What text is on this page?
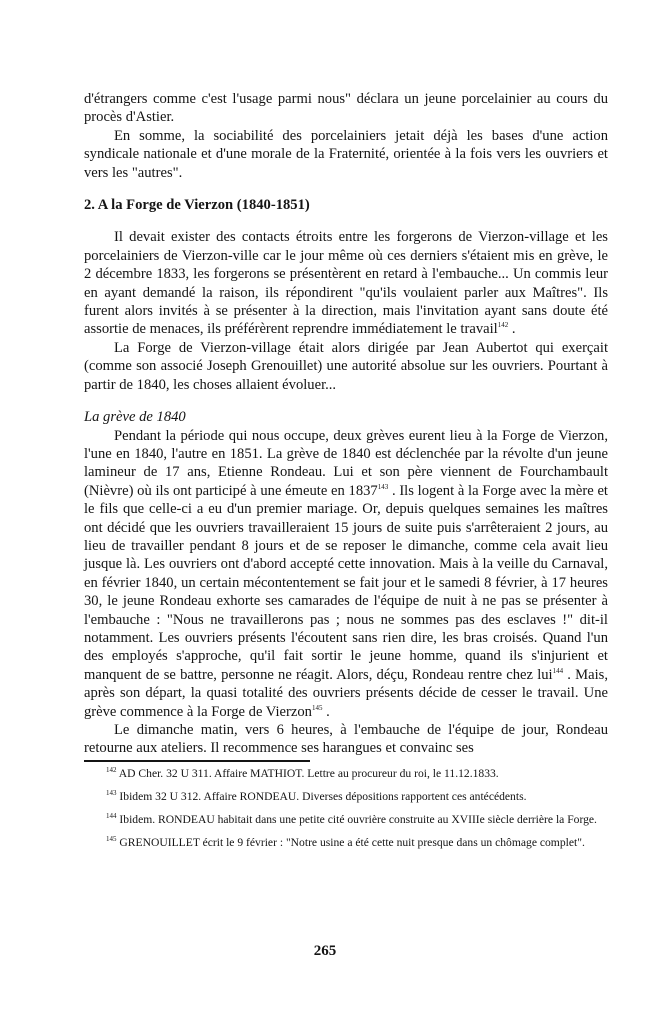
d'étrangers comme c'est l'usage parmi nous" déclara un jeune porcelainier au cours du procès d'Astier.

En somme, la sociabilité des porcelainiers jetait déjà les bases d'une action syndicale nationale et d'une morale de la Fraternité, orientée à la fois vers les ouvriers et vers les "autres".

2. A la Forge de Vierzon (1840-1851)

Il devait exister des contacts étroits entre les forgerons de Vierzon-village et les porcelainiers de Vierzon-ville car le jour même où ces derniers s'étaient mis en grève, le 2 décembre 1833, les forgerons se présentèrent en retard à l'embauche... Un commis leur en ayant demandé la raison, ils répondirent "qu'ils voulaient parler aux Maîtres". Ils furent alors invités à se présenter à la direction, mais l'invitation ayant sans doute été assortie de menaces, ils préférèrent reprendre immédiatement le travail$^{142}$ .

La Forge de Vierzon-village était alors dirigée par Jean Aubertot qui exerçait (comme son associé Joseph Grenouillet) une autorité absolue sur les ouvriers. Pourtant à partir de 1840, les choses allaient évoluer...

La grève de 1840

Pendant la période qui nous occupe, deux grèves eurent lieu à la Forge de Vierzon, l'une en 1840, l'autre en 1851. La grève de 1840 est déclenchée par la révolte d'un jeune lamineur de 17 ans, Etienne Rondeau. Lui et son père viennent de Fourchambault (Nièvre) où ils ont participé à une émeute en 1837$^{143}$ . Ils logent à la Forge avec la mère et le fils que celle-ci a eu d'un premier mariage. Or, depuis quelques semaines les maîtres ont décidé que les ouvriers travailleraient 15 jours de suite puis s'arrêteraient 2 jours, au lieu de travailler pendant 8 jours et de se reposer le dimanche, comme cela avait lieu jusque là. Les ouvriers ont d'abord accepté cette innovation. Mais à la veille du Carnaval, en février 1840, un certain mécontentement se fait jour et le samedi 8 février, à 17 heures 30, le jeune Rondeau exhorte ses camarades de l'équipe de nuit à ne pas se présenter à l'embauche : "Nous ne travaillerons pas ; nous ne sommes pas des esclaves !" dit-il notamment. Les ouvriers présents l'écoutent sans rien dire, les bras croisés. Quand l'un des employés s'approche, qu'il fait sortir le jeune homme, quand ils s'injurient et manquent de se battre, personne ne réagit. Alors, déçu, Rondeau rentre chez lui$^{144}$ . Mais, après son départ, la quasi totalité des ouvriers présents décide de cesser le travail. Une grève commence à la Forge de Vierzon$^{145}$ .

Le dimanche matin, vers 6 heures, à l'embauche de l'équipe de jour, Rondeau retourne aux ateliers. Il recommence ses harangues et convainc ses

$^{142}$ AD Cher. 32 U 311. Affaire MATHIOT. Lettre au procureur du roi, le 11.12.1833.

$^{143}$ Ibidem 32 U 312. Affaire RONDEAU. Diverses dépositions rapportent ces antécédents.

$^{144}$ Ibidem. RONDEAU habitait dans une petite cité ouvrière construite au XVIIIe siècle derrière la Forge.

$^{145}$ GRENOUILLET écrit le 9 février : "Notre usine a été cette nuit presque dans un chômage complet".

265
